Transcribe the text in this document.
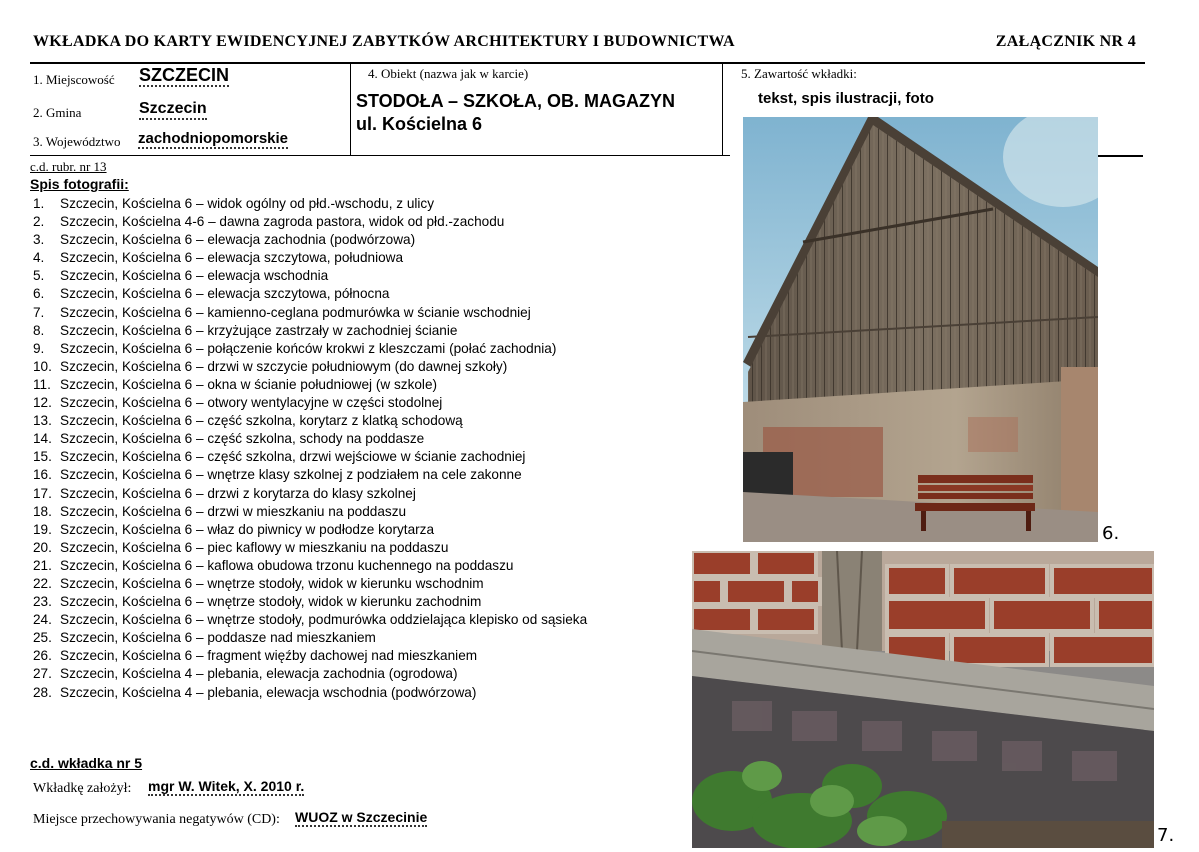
WKŁADKA DO KARTY EWIDENCYJNEJ ZABYTKÓW ARCHITEKTURY I BUDOWNICTWA	ZAŁĄCZNIK NR 4
1. Miejscowość SZCZECIN
2. Gmina	Szczecin
3. Województwo zachodniopomorskie
4. Obiekt (nazwa jak w karcie)
STODOŁA – SZKOŁA, OB. MAGAZYN
ul. Kościelna 6
5. Zawartość wkładki:
tekst, spis ilustracji, foto
c.d. rubr. nr 13
Spis fotografii:
1. Szczecin, Kościelna 6 – widok ogólny od płd.-wschodu, z ulicy
2. Szczecin, Kościelna 4-6 – dawna zagroda pastora, widok od płd.-zachodu
3. Szczecin, Kościelna 6 – elewacja zachodnia (podwórzowa)
4. Szczecin, Kościelna 6 – elewacja szczytowa, południowa
5. Szczecin, Kościelna 6 – elewacja wschodnia
6. Szczecin, Kościelna 6 – elewacja szczytowa, północna
7. Szczecin, Kościelna 6 – kamienno-ceglana podmurówka w ścianie wschodniej
8. Szczecin, Kościelna 6 – krzyżujące zastrzały w zachodniej ścianie
9. Szczecin, Kościelna 6 – połączenie końców krokwi z kleszczami (połać zachodnia)
10. Szczecin, Kościelna 6 – drzwi w szczycie południowym (do dawnej szkoły)
11. Szczecin, Kościelna 6 – okna w ścianie południowej (w szkole)
12. Szczecin, Kościelna 6 – otwory wentylacyjne w części stodolnej
13. Szczecin, Kościelna 6 – część szkolna, korytarz z klatką schodową
14. Szczecin, Kościelna 6 – część szkolna, schody na poddasze
15. Szczecin, Kościelna 6 – część szkolna, drzwi wejściowe w ścianie zachodniej
16. Szczecin, Kościelna 6 – wnętrze klasy szkolnej z podziałem na cele zakonne
17. Szczecin, Kościelna 6 – drzwi z korytarza do klasy szkolnej
18. Szczecin, Kościelna 6 – drzwi w mieszkaniu na poddaszu
19. Szczecin, Kościelna 6 – właz do piwnicy w podłodze korytarza
20. Szczecin, Kościelna 6 – piec kaflowy w mieszkaniu na poddaszu
21. Szczecin, Kościelna 6 – kaflowa obudowa trzonu kuchennego na poddaszu
22. Szczecin, Kościelna 6 – wnętrze stodoły, widok w kierunku wschodnim
23. Szczecin, Kościelna 6 – wnętrze stodoły, widok w kierunku zachodnim
24. Szczecin, Kościelna 6 – wnętrze stodoły, podmurówka oddzielająca klepisko od sąsieka
25. Szczecin, Kościelna 6 – poddasze nad mieszkaniem
26. Szczecin, Kościelna 6 – fragment więźby dachowej nad mieszkaniem
27. Szczecin, Kościelna 4 – plebania, elewacja zachodnia (ogrodowa)
28. Szczecin, Kościelna 4 – plebania, elewacja wschodnia (podwórzowa)
c.d. wkładka nr 5
Wkładkę założył: mgr W. Witek, X. 2010 r.
Miejsce przechowywania negatywów (CD): WUOZ w Szczecinie
6.
7.
